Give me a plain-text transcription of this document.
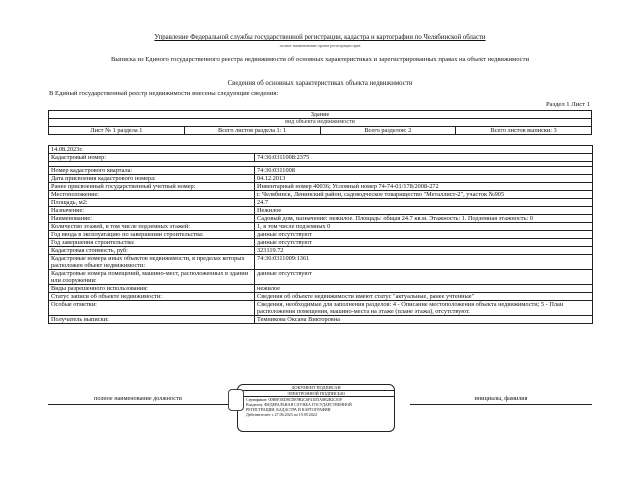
Управление Федеральной службы государственной регистрации, кадастра и картографии по Челябинской области
полное наименование органа регистрации прав
Выписка из Единого государственного реестра недвижимости об основных характеристиках и зарегистрированных правах на объект недвижимости
Сведения об основных характеристиках объекта недвижимости
В Единый государственный реестр недвижимости внесены следующие сведения:
Раздел 1 Лист 1
Здание
вид объекта недвижимости
Лист № 1 раздела 1	Всего листов раздела 1: 1	Всего разделов: 2	Всего листов выписки: 3
14.08.2023г.	
Кадастровый номер:	74:36:0311008:2375

Номер кадастрового квартала:	74:36:0311008
Дата присвоения кадастрового номера:	04.12.2013
Ранее присвоенный государственный учетный номер:	Инвентарный номер 40036; Условный номер 74-74-01/178/2008-272
Местоположение:	г. Челябинск, Ленинский район, садоводческое товарищество "Металлист-2", участок №905
Площадь, м2:	24.7
Назначение:	Нежилое
Наименование:	Садовый дом, назначение: нежилое. Площадь: общая 24.7 кв.м. Этажность: 1. Подземная этажность: 0
Количество этажей, в том числе подземных этажей:	1, в том числе подземных 0
Год ввода в эксплуатацию по завершении строительства:	данные отсутствуют
Год завершения строительства:	данные отсутствуют
Кадастровая стоимость, руб:	323119.72
Кадастровые номера иных объектов недвижимости, в пределах которых расположен объект недвижимости:	74:36:0311009:1361
Кадастровые номера помещений, машино-мест, расположенных в здании или сооружении:	данные отсутствуют
Виды разрешенного использования:	нежилое
Статус записи об объекте недвижимости:	Сведения об объекте недвижимости имеют статус "актуальные, ранее учтенные"
Особые отметки:	Сведения, необходимые для заполнения разделов: 4 - Описание местоположения объекта недвижимости; 5 - План расположения помещения, машино-места на этаже (плане этажа), отсутствуют.
Получатель выписки:	Темникова Оксана Викторовна
полное наименование должности	инициалы, фамилия
ДОКУМЕНТ ПОДПИСАН
ЭЛЕКТРОННОЙ ПОДПИСЬЮ
Сертификат: 00B0F3ED8CDE9B2C6F41D5A0B2B2C01F
Владелец: ФЕДЕРАЛЬНАЯ СЛУЖБА ГОСУДАРСТВЕННОЙ
РЕГИСТРАЦИИ, КАДАСТРА И КАРТОГРАФИИ
Действителен: с 27.06.2023 по 19.09.2024
